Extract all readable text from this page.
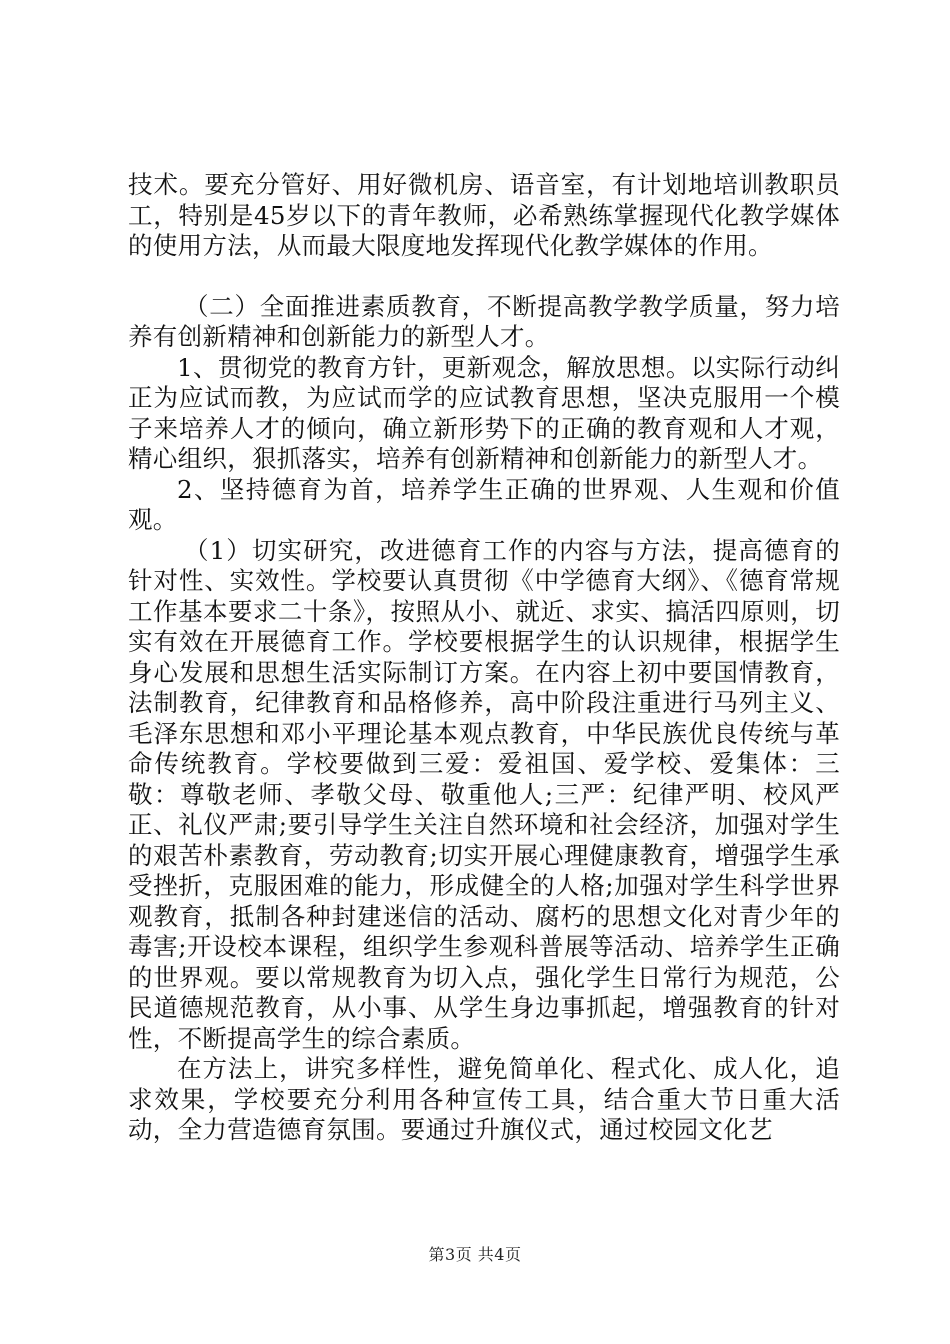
技术。要充分管好、用好微机房、语音室，有计划地培训教职员工，特别是45岁以下的青年教师，必希熟练掌握现代化教学媒体的使用方法，从而最大限度地发挥现代化教学媒体的作用。

（二）全面推进素质教育，不断提高教学教学质量，努力培养有创新精神和创新能力的新型人才。

1、贯彻党的教育方针，更新观念，解放思想。以实际行动纠正为应试而教，为应试而学的应试教育思想，坚决克服用一个模子来培养人才的倾向，确立新形势下的正确的教育观和人才观，精心组织，狠抓落实，培养有创新精神和创新能力的新型人才。

2、坚持德育为首，培养学生正确的世界观、人生观和价值观。

（1）切实研究，改进德育工作的内容与方法，提高德育的针对性、实效性。学校要认真贯彻《中学德育大纲》、《德育常规工作基本要求二十条》，按照从小、就近、求实、搞活四原则，切实有效在开展德育工作。学校要根据学生的认识规律，根据学生身心发展和思想生活实际制订方案。在内容上初中要国情教育，法制教育，纪律教育和品格修养，高中阶段注重进行马列主义、毛泽东思想和邓小平理论基本观点教育，中华民族优良传统与革命传统教育。学校要做到三爱：爱祖国、爱学校、爱集体：三敬：尊敬老师、孝敬父母、敬重他人;三严：纪律严明、校风严正、礼仪严肃;要引导学生关注自然环境和社会经济，加强对学生的艰苦朴素教育，劳动教育;切实开展心理健康教育，增强学生承受挫折，克服困难的能力，形成健全的人格;加强对学生科学世界观教育，抵制各种封建迷信的活动、腐朽的思想文化对青少年的毒害;开设校本课程，组织学生参观科普展等活动、培养学生正确的世界观。要以常规教育为切入点，强化学生日常行为规范，公民道德规范教育，从小事、从学生身边事抓起，增强教育的针对性，不断提高学生的综合素质。

在方法上，讲究多样性，避免简单化、程式化、成人化，追求效果，学校要充分利用各种宣传工具，结合重大节日重大活动，全力营造德育氛围。要通过升旗仪式，通过校园文化艺

第3页 共4页
